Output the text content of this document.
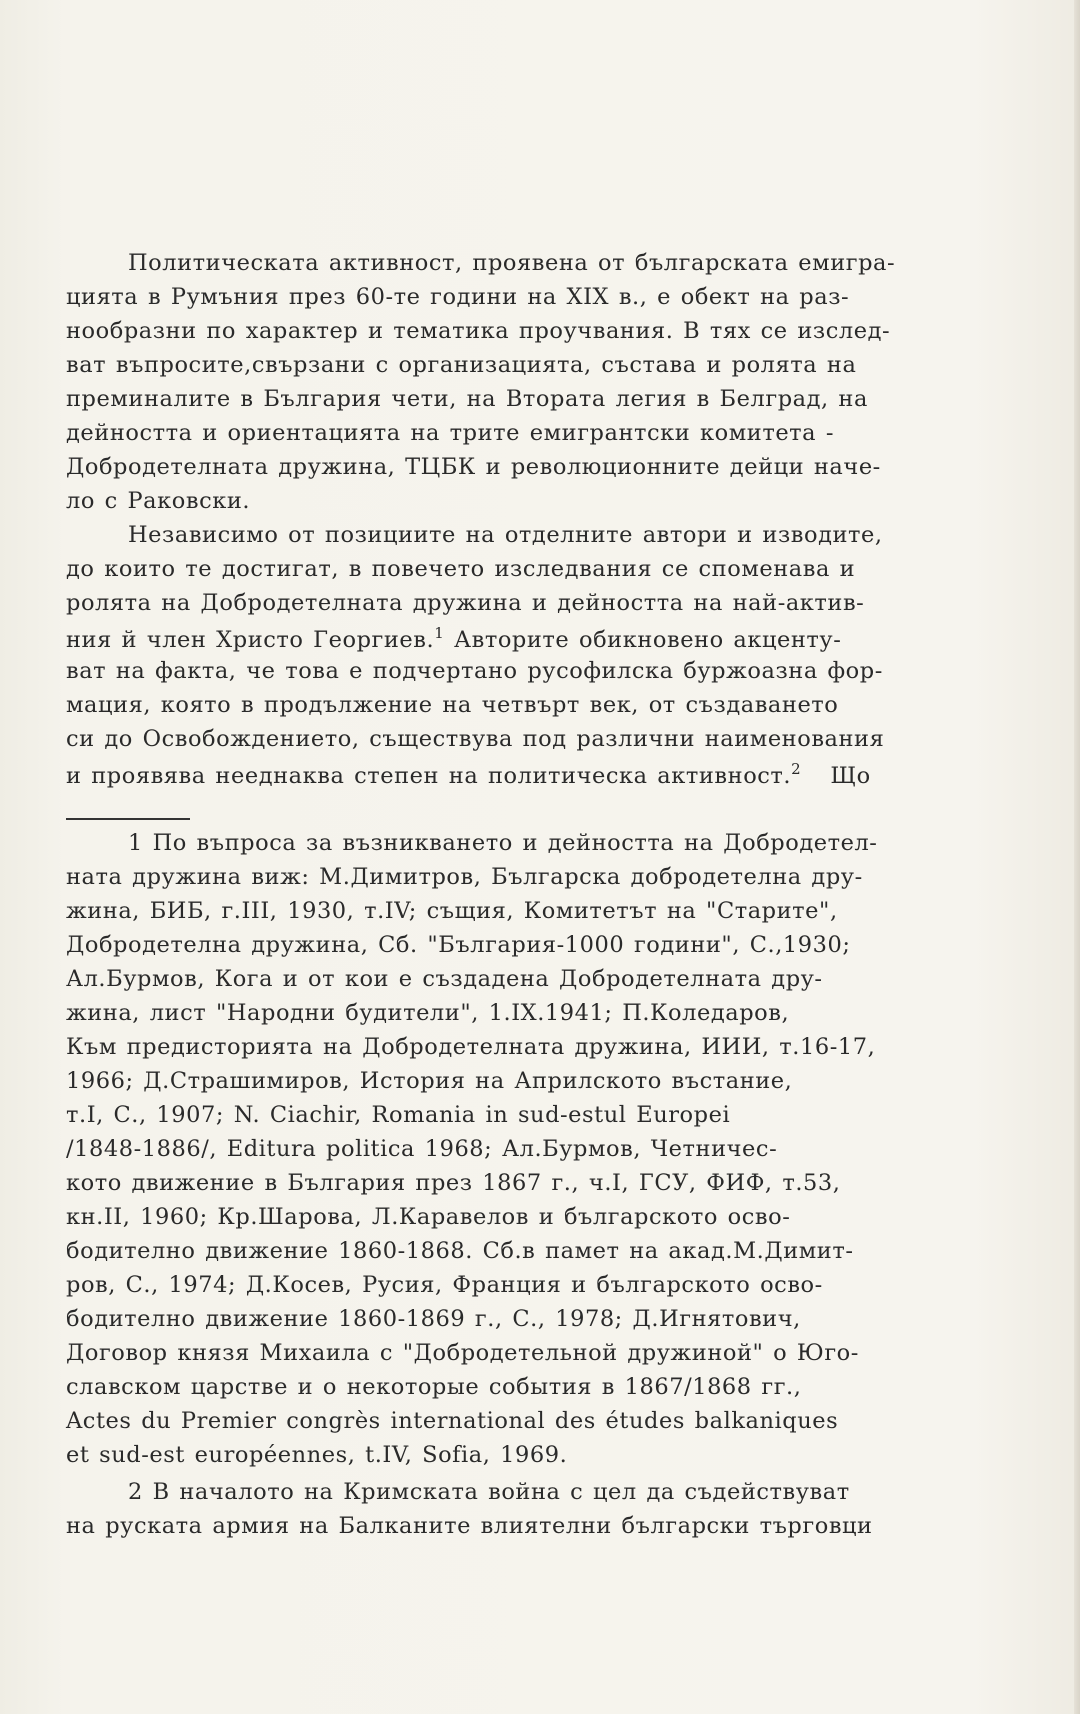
Политическата активност, проявена от българската емигра-
цията в Румъния през 60-те години на XIX в., е обект на раз-
нообразни по характер и тематика проучвания. В тях се изслед-
ват въпросите,свързани с организацията, състава и ролята на
преминалите в България чети, на Втората легия в Белград, на
дейността и ориентацията на трите емигрантски комитета -
Добродетелната дружина, ТЦБК и революционните дейци наче-
ло с Раковски.
Независимо от позициите на отделните автори и изводите,
до които те достигат, в повечето изследвания се споменава и
ролята на Добродетелната дружина и дейността на най-актив-
ния й член Христо Георгиев.$^1$ Авторите обикновено акценту-
ват на факта, че това е подчертано русофилска буржоазна фор-
мация, която в продължение на четвърт век, от създаването
си до Освобождението, съществува под различни наименования
и проявява нееднаква степен на политическа активност.$^2$ Що
1 По въпроса за възникването и дейността на Добродетел-
ната дружина виж: М.Димитров, Българска добродетелна дру-
жина, БИБ, г.III, 1930, т.IV; същия, Комитетът на "Старите",
Добродетелна дружина, Сб. "България-1000 години", С.,1930;
Ал.Бурмов, Кога и от кои е създадена Добродетелната дру-
жина, лист "Народни будители", 1.IX.1941; П.Коледаров,
Към предисторията на Добродетелната дружина, ИИИ, т.16-17,
1966; Д.Страшимиров, История на Априлското въстание,
т.I, С., 1907; N. Ciachir, Romania in sud-estul Europei
/1848-1886/, Editura politica 1968; Ал.Бурмов, Четничес-
кото движение в България през 1867 г., ч.I, ГСУ, ФИФ, т.53,
кн.II, 1960; Кр.Шарова, Л.Каравелов и българското осво-
бодително движение 1860-1868. Сб.в памет на акад.М.Димит-
ров, С., 1974; Д.Косев, Русия, Франция и българското осво-
бодително движение 1860-1869 г., С., 1978; Д.Игнятович,
Договор князя Михаила с "Добродетельной дружиной" о Юго-
славском царстве и о некоторые события в 1867/1868 гг.,
Actes du Premier congrès international des études balkaniques
et sud-est européennes, t.IV, Sofia, 1969.
2 В началото на Кримската война с цел да съдействуват
на руската армия на Балканите влиятелни български търговци
